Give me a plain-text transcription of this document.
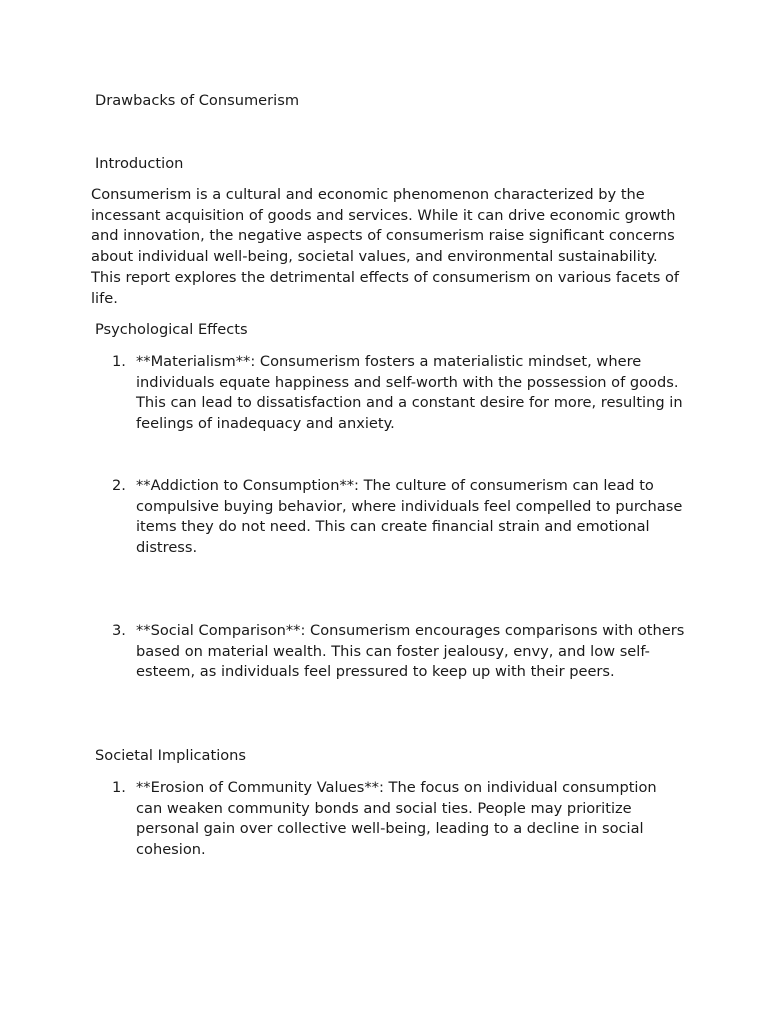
Drawbacks of Consumerism
Introduction

Consumerism is a cultural and economic phenomenon characterized by the incessant acquisition of goods and services. While it can drive economic growth and innovation, the negative aspects of consumerism raise significant concerns about individual well-being, societal values, and environmental sustainability. This report explores the detrimental effects of consumerism on various facets of life.

Psychological Effects
1. **Materialism**: Consumerism fosters a materialistic mindset, where individuals equate happiness and self-worth with the possession of goods. This can lead to dissatisfaction and a constant desire for more, resulting in feelings of inadequacy and anxiety.
2. **Addiction to Consumption**: The culture of consumerism can lead to compulsive buying behavior, where individuals feel compelled to purchase items they do not need. This can create financial strain and emotional distress.
3. **Social Comparison**: Consumerism encourages comparisons with others based on material wealth. This can foster jealousy, envy, and low self-esteem, as individuals feel pressured to keep up with their peers.
Societal Implications
1. **Erosion of Community Values**: The focus on individual consumption can weaken community bonds and social ties. People may prioritize personal gain over collective well-being, leading to a decline in social cohesion.
